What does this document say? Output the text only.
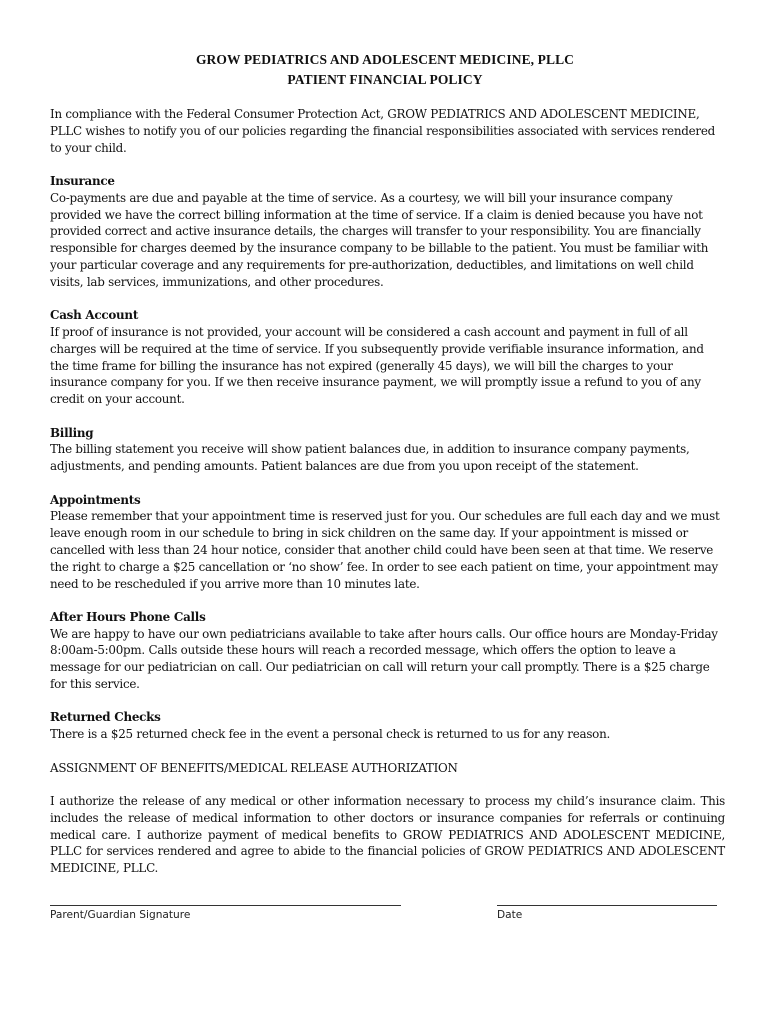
GROW PEDIATRICS AND ADOLESCENT MEDICINE, PLLC
PATIENT FINANCIAL POLICY

In compliance with the Federal Consumer Protection Act, GROW PEDIATRICS AND ADOLESCENT MEDICINE, PLLC wishes to notify you of our policies regarding the financial responsibilities associated with services rendered to your child.

Insurance
Co-payments are due and payable at the time of service. As a courtesy, we will bill your insurance company provided we have the correct billing information at the time of service. If a claim is denied because you have not provided correct and active insurance details, the charges will transfer to your responsibility. You are financially responsible for charges deemed by the insurance company to be billable to the patient. You must be familiar with your particular coverage and any requirements for pre-authorization, deductibles, and limitations on well child visits, lab services, immunizations, and other procedures.

Cash Account
If proof of insurance is not provided, your account will be considered a cash account and payment in full of all charges will be required at the time of service. If you subsequently provide verifiable insurance information, and the time frame for billing the insurance has not expired (generally 45 days), we will bill the charges to your insurance company for you. If we then receive insurance payment, we will promptly issue a refund to you of any credit on your account.

Billing
The billing statement you receive will show patient balances due, in addition to insurance company payments, adjustments, and pending amounts. Patient balances are due from you upon receipt of the statement.

Appointments
Please remember that your appointment time is reserved just for you. Our schedules are full each day and we must leave enough room in our schedule to bring in sick children on the same day. If your appointment is missed or cancelled with less than 24 hour notice, consider that another child could have been seen at that time. We reserve the right to charge a $25 cancellation or ‘no show’ fee. In order to see each patient on time, your appointment may need to be rescheduled if you arrive more than 10 minutes late.

After Hours Phone Calls
We are happy to have our own pediatricians available to take after hours calls. Our office hours are Monday-Friday 8:00am-5:00pm. Calls outside these hours will reach a recorded message, which offers the option to leave a message for our pediatrician on call. Our pediatrician on call will return your call promptly. There is a $25 charge for this service.

Returned Checks
There is a $25 returned check fee in the event a personal check is returned to us for any reason.

ASSIGNMENT OF BENEFITS/MEDICAL RELEASE AUTHORIZATION

I authorize the release of any medical or other information necessary to process my child’s insurance claim. This includes the release of medical information to other doctors or insurance companies for referrals or continuing medical care. I authorize payment of medical benefits to GROW PEDIATRICS AND ADOLESCENT MEDICINE, PLLC for services rendered and agree to abide to the financial policies of GROW PEDIATRICS AND ADOLESCENT MEDICINE, PLLC.

Parent/Guardian Signature	Date
